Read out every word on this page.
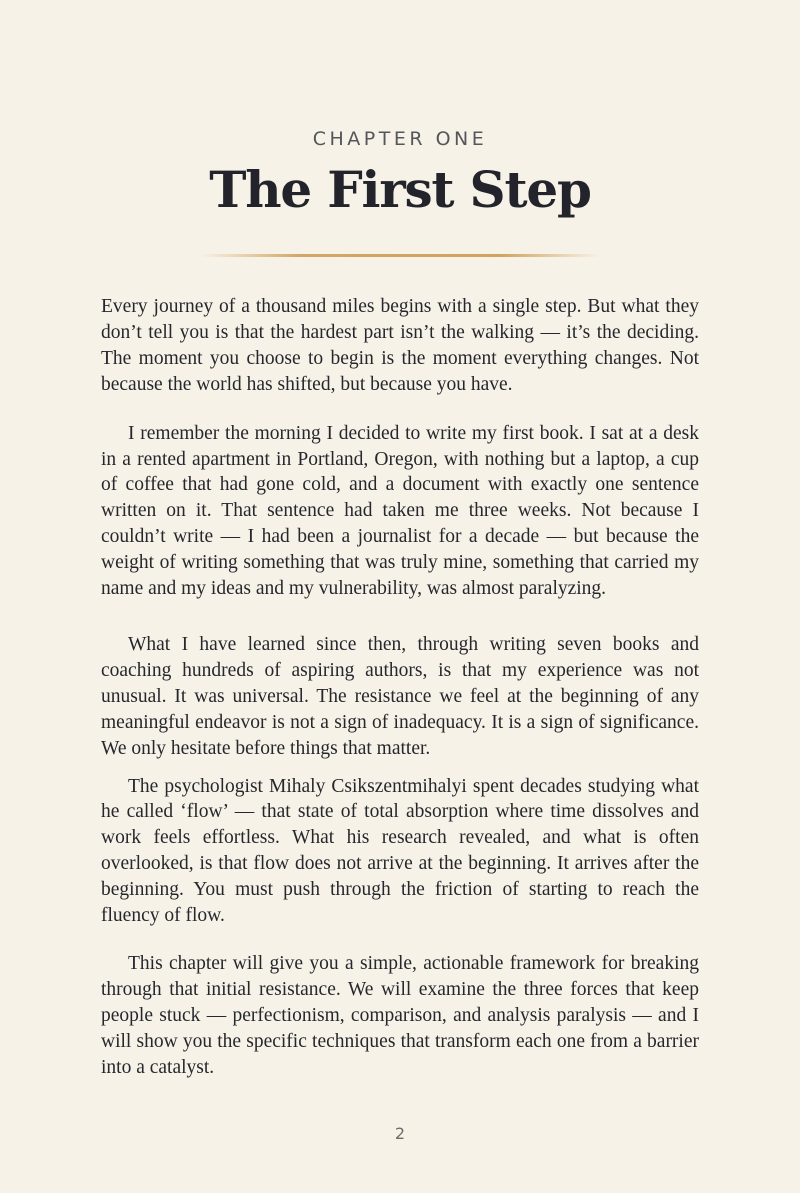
CHAPTER ONE
The First Step

Every journey of a thousand miles begins with a single step. But what they don’t tell you is that the hardest part isn’t the walking — it’s the deciding. The moment you choose to begin is the moment everything changes. Not because the world has shifted, but because you have.

I remember the morning I decided to write my first book. I sat at a desk in a rented apartment in Portland, Oregon, with nothing but a laptop, a cup of coffee that had gone cold, and a document with exactly one sentence written on it. That sentence had taken me three weeks. Not because I couldn’t write — I had been a journalist for a decade — but because the weight of writing something that was truly mine, something that carried my name and my ideas and my vulnerability, was almost paralyzing.

What I have learned since then, through writing seven books and coaching hundreds of aspiring authors, is that my experience was not unusual. It was universal. The resistance we feel at the beginning of any meaningful endeavor is not a sign of inadequacy. It is a sign of significance. We only hesitate before things that matter.

The psychologist Mihaly Csikszentmihalyi spent decades studying what he called ‘flow’ — that state of total absorption where time dissolves and work feels effortless. What his research revealed, and what is often overlooked, is that flow does not arrive at the beginning. It arrives after the beginning. You must push through the friction of starting to reach the fluency of flow.

This chapter will give you a simple, actionable framework for breaking through that initial resistance. We will examine the three forces that keep people stuck — perfectionism, comparison, and analysis paralysis — and I will show you the specific techniques that transform each one from a barrier into a catalyst.

2
